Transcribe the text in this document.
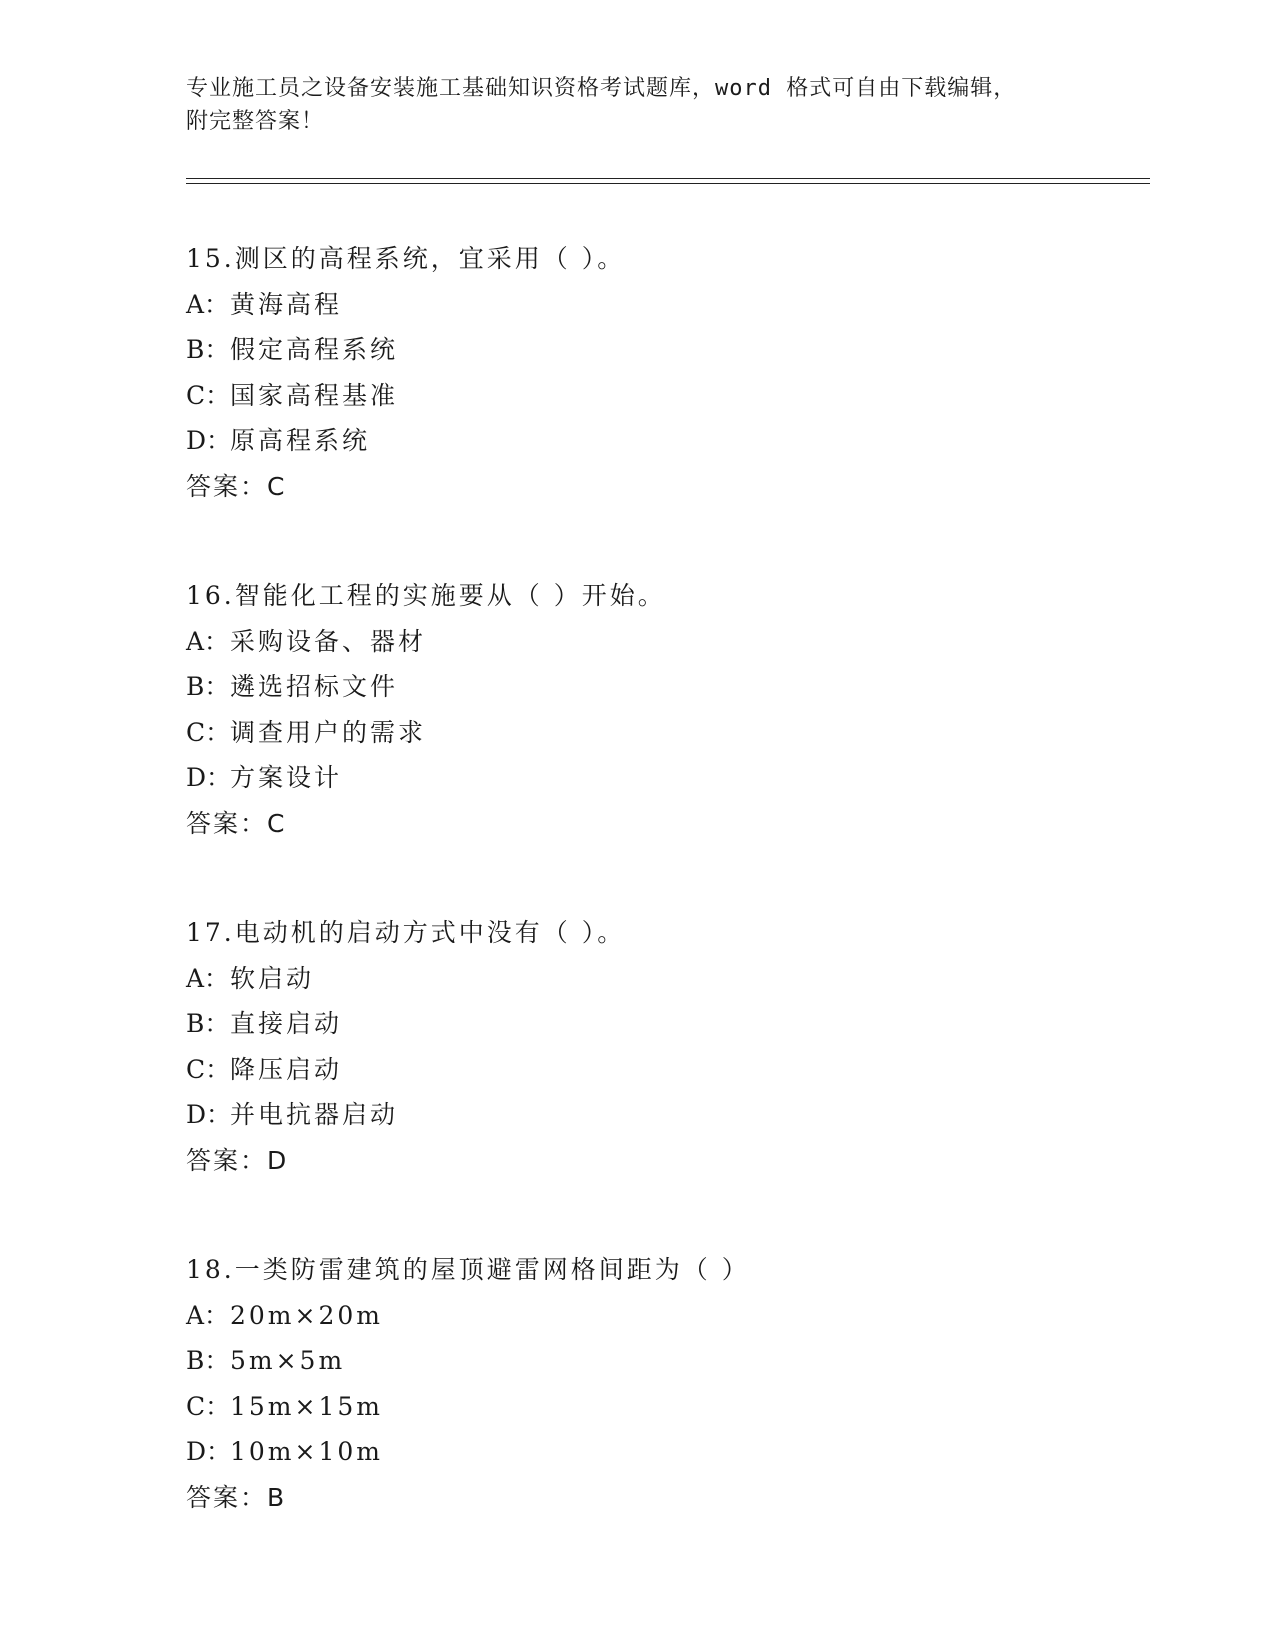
专业施工员之设备安装施工基础知识资格考试题库，word 格式可自由下载编辑，
附完整答案！
15.测区的高程系统，宜采用（ ）。
A：黄海高程
B：假定高程系统
C：国家高程基准
D：原高程系统
答案：C
16.智能化工程的实施要从（ ）开始。
A：采购设备、器材
B：遴选招标文件
C：调查用户的需求
D：方案设计
答案：C
17.电动机的启动方式中没有（ ）。
A：软启动
B：直接启动
C：降压启动
D：并电抗器启动
答案：D
18.一类防雷建筑的屋顶避雷网格间距为（ ）
A：20m×20m
B：5m×5m
C：15m×15m
D：10m×10m
答案：B
